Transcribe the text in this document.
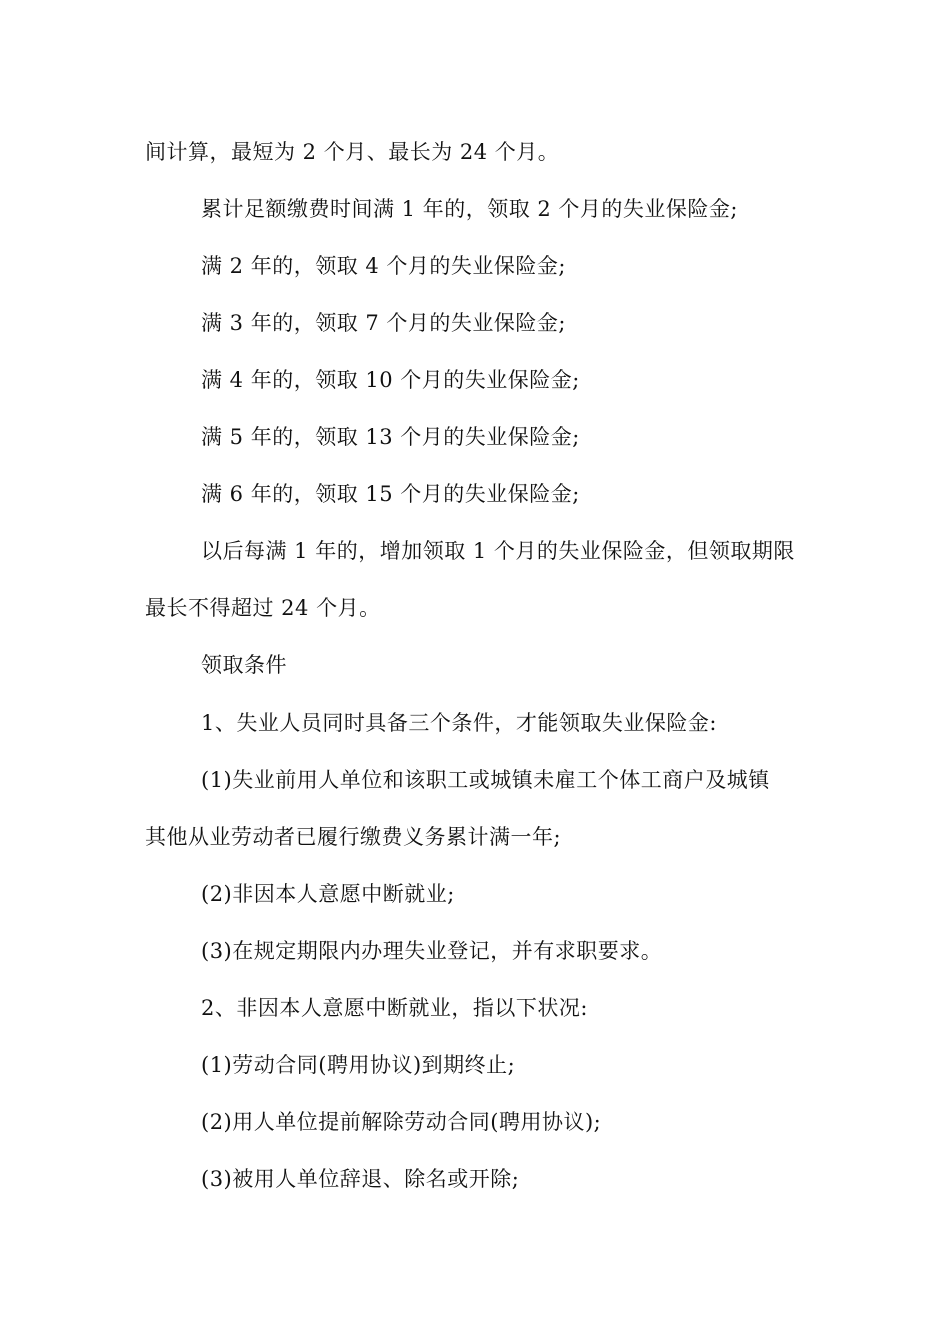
间计算，最短为 2 个月、最长为 24 个月。
累计足额缴费时间满 1 年的，领取 2 个月的失业保险金;
满 2 年的，领取 4 个月的失业保险金;
满 3 年的，领取 7 个月的失业保险金;
满 4 年的，领取 10 个月的失业保险金;
满 5 年的，领取 13 个月的失业保险金;
满 6 年的，领取 15 个月的失业保险金;
以后每满 1 年的，增加领取 1 个月的失业保险金，但领取期限
最长不得超过 24 个月。
领取条件
1、失业人员同时具备三个条件，才能领取失业保险金:
(1)失业前用人单位和该职工或城镇未雇工个体工商户及城镇
其他从业劳动者已履行缴费义务累计满一年;
(2)非因本人意愿中断就业;
(3)在规定期限内办理失业登记，并有求职要求。
2、非因本人意愿中断就业，指以下状况:
(1)劳动合同(聘用协议)到期终止;
(2)用人单位提前解除劳动合同(聘用协议);
(3)被用人单位辞退、除名或开除;
